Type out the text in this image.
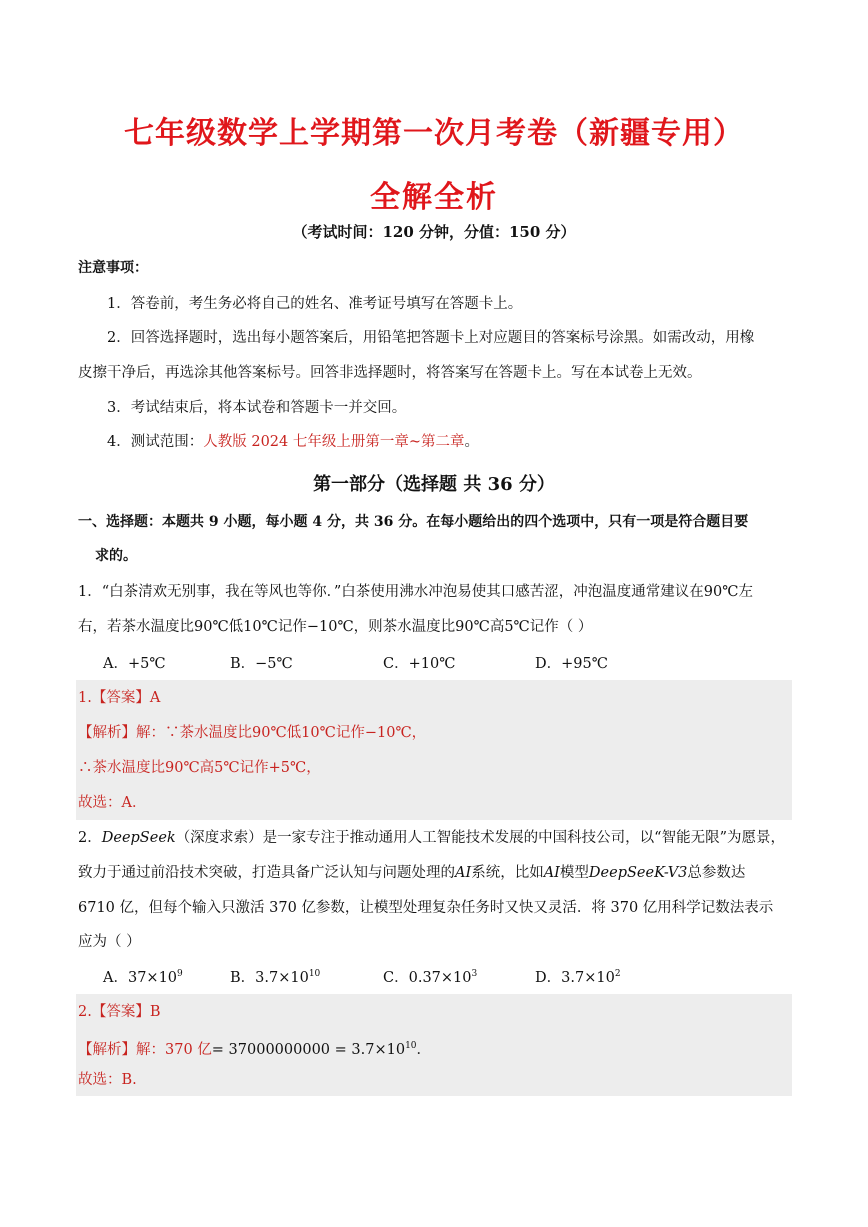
七年级数学上学期第一次月考卷（新疆专用）
全解全析
（考试时间：120 分钟，分值：150 分）
注意事项：
1．答卷前，考生务必将自己的姓名、准考证号填写在答题卡上。
2．回答选择题时，选出每小题答案后，用铅笔把答题卡上对应题目的答案标号涂黑。如需改动，用橡
皮擦干净后，再选涂其他答案标号。回答非选择题时，将答案写在答题卡上。写在本试卷上无效。
3．考试结束后，将本试卷和答题卡一并交回。
4．测试范围：人教版 2024 七年级上册第一章~第二章。
第一部分（选择题 共 36 分）
一、选择题：本题共 9 小题，每小题 4 分，共 36 分。在每小题给出的四个选项中，只有一项是符合题目要
求的。
1．“白茶清欢无别事，我在等风也等你．”白茶使用沸水冲泡易使其口感苦涩，冲泡温度通常建议在90℃左
右，若茶水温度比90℃低10℃记作−10℃，则茶水温度比90℃高5℃记作（ ）
A．+5℃	B．−5℃	C．+10℃	D．+95℃
1.【答案】A
【解析】解：∵茶水温度比90℃低10℃记作−10℃，
∴茶水温度比90℃高5℃记作+5℃，
故选：A．
2．DeepSeek（深度求索）是一家专注于推动通用人工智能技术发展的中国科技公司，以“智能无限”为愿景，
致力于通过前沿技术突破，打造具备广泛认知与问题处理的AI系统，比如AI模型DeepSeeK-V3总参数达
6710 亿，但每个输入只激活 370 亿参数，让模型处理复杂任务时又快又灵活．将 370 亿用科学记数法表示
应为（ ）
A．$37\times 10^9$	B．$3.7\times 10^{10}$	C．$0.37\times 10^3$	D．$3.7\times 10^2$
2.【答案】B
【解析】解：370 亿= $37000000000 = 3.7\times 10^{10}$．
故选：B.
